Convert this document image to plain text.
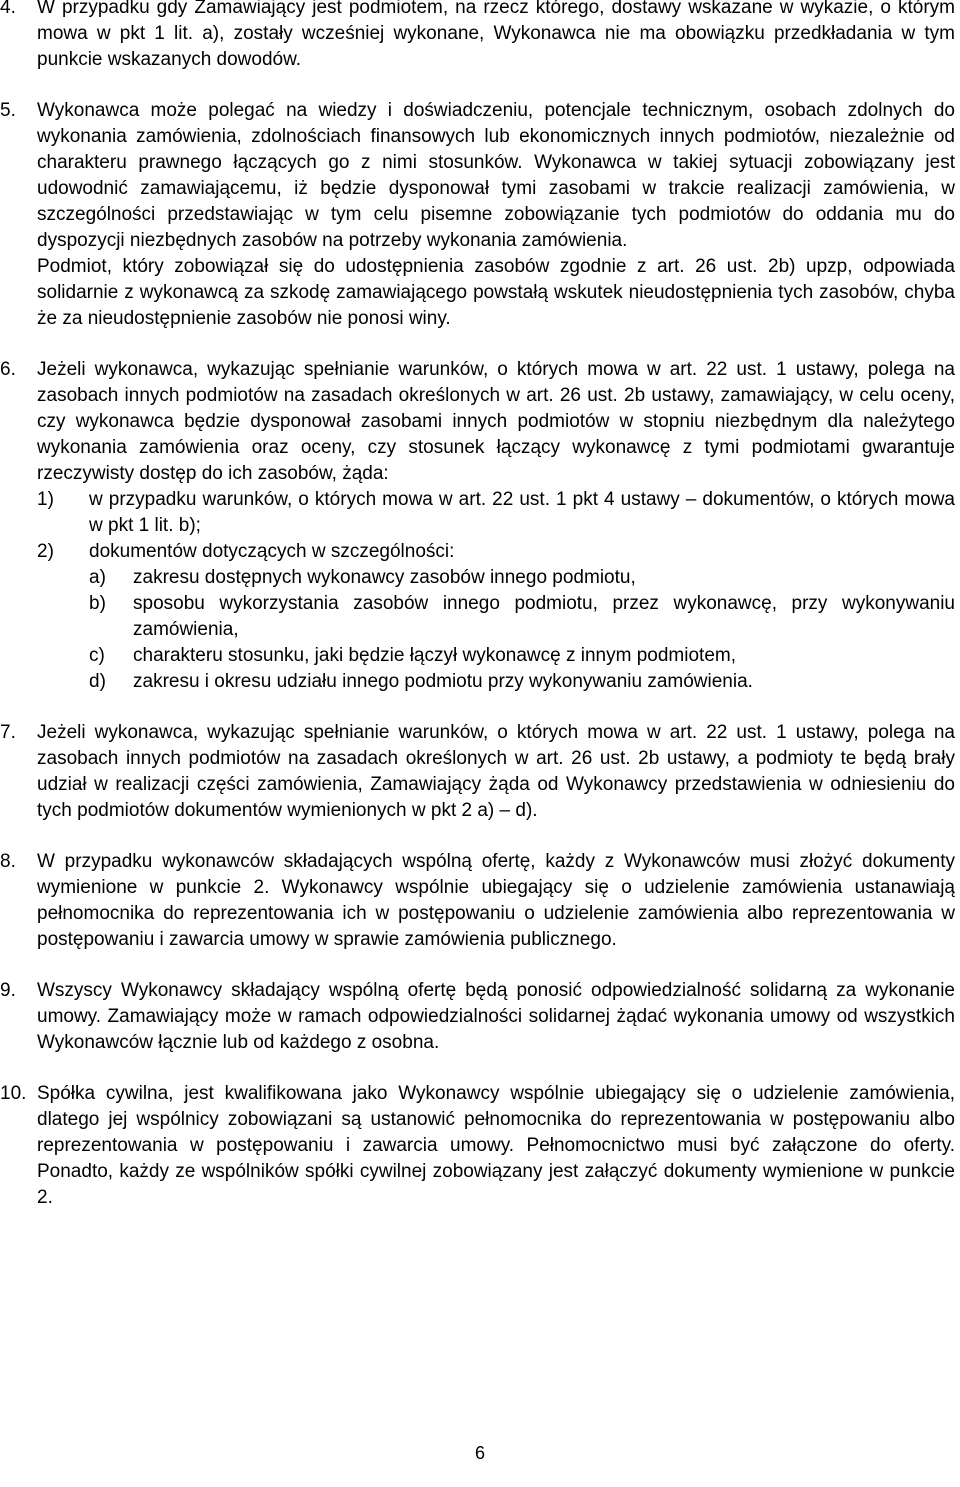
4.	W przypadku gdy Zamawiający jest podmiotem, na rzecz którego, dostawy wskazane w wykazie, o którym mowa w pkt 1 lit. a), zostały wcześniej wykonane, Wykonawca nie ma obowiązku przedkładania w tym punkcie wskazanych dowodów.

5.	Wykonawca może polegać na wiedzy i doświadczeniu, potencjale technicznym, osobach zdolnych do wykonania zamówienia, zdolnościach finansowych lub ekonomicznych innych podmiotów, niezależnie od charakteru prawnego łączących go z nimi stosunków. Wykonawca w takiej sytuacji zobowiązany jest udowodnić zamawiającemu, iż będzie dysponował tymi zasobami w trakcie realizacji zamówienia, w szczególności przedstawiając w tym celu pisemne zobowiązanie tych podmiotów do oddania mu do dyspozycji niezbędnych zasobów na potrzeby wykonania zamówienia.

Podmiot, który zobowiązał się do udostępnienia zasobów zgodnie z art. 26 ust. 2b) upzp, odpowiada solidarnie z wykonawcą za szkodę zamawiającego powstałą wskutek nieudostępnienia tych zasobów, chyba że za nieudostępnienie zasobów nie ponosi winy.

6.	Jeżeli wykonawca, wykazując spełnianie warunków, o których mowa w art. 22 ust. 1 ustawy, polega na zasobach innych podmiotów na zasadach określonych w art. 26 ust. 2b ustawy, zamawiający, w celu oceny, czy wykonawca będzie dysponował zasobami innych podmiotów w stopniu niezbędnym dla należytego wykonania zamówienia oraz oceny, czy stosunek łączący wykonawcę z tymi podmiotami gwarantuje rzeczywisty dostęp do ich zasobów, żąda:

1)	w przypadku warunków, o których mowa w art. 22 ust. 1 pkt 4 ustawy – dokumentów, o których mowa w pkt 1 lit. b);
2)	dokumentów dotyczących w szczególności:
a)	zakresu dostępnych wykonawcy zasobów innego podmiotu,
b)	sposobu wykorzystania zasobów innego podmiotu, przez wykonawcę, przy wykonywaniu zamówienia,
c)	charakteru stosunku, jaki będzie łączył wykonawcę z innym podmiotem,
d)	zakresu i okresu udziału innego podmiotu przy wykonywaniu zamówienia.
7.	Jeżeli wykonawca, wykazując spełnianie warunków, o których mowa w art. 22 ust. 1 ustawy, polega na zasobach innych podmiotów na zasadach określonych w art. 26 ust. 2b ustawy, a podmioty te będą brały udział w realizacji części zamówienia, Zamawiający żąda od Wykonawcy przedstawienia w odniesieniu do tych podmiotów dokumentów wymienionych w pkt 2 a) – d).

8.	W przypadku wykonawców składających wspólną ofertę, każdy z Wykonawców musi złożyć dokumenty wymienione w punkcie 2. Wykonawcy wspólnie ubiegający się o udzielenie zamówienia ustanawiają pełnomocnika do reprezentowania ich w postępowaniu o udzielenie zamówienia albo reprezentowania w postępowaniu i zawarcia umowy w sprawie zamówienia publicznego.

9.	Wszyscy Wykonawcy składający wspólną ofertę będą ponosić odpowiedzialność solidarną za wykonanie umowy. Zamawiający może w ramach odpowiedzialności solidarnej żądać wykonania umowy od wszystkich Wykonawców łącznie lub od każdego z osobna.

10. Spółka cywilna, jest kwalifikowana jako Wykonawcy wspólnie ubiegający się o udzielenie zamówienia, dlatego jej wspólnicy zobowiązani są ustanowić pełnomocnika do reprezentowania w postępowaniu albo reprezentowania w postępowaniu i zawarcia umowy. Pełnomocnictwo musi być załączone do oferty. Ponadto, każdy ze wspólników spółki cywilnej zobowiązany jest załączyć dokumenty wymienione w punkcie 2.

6
